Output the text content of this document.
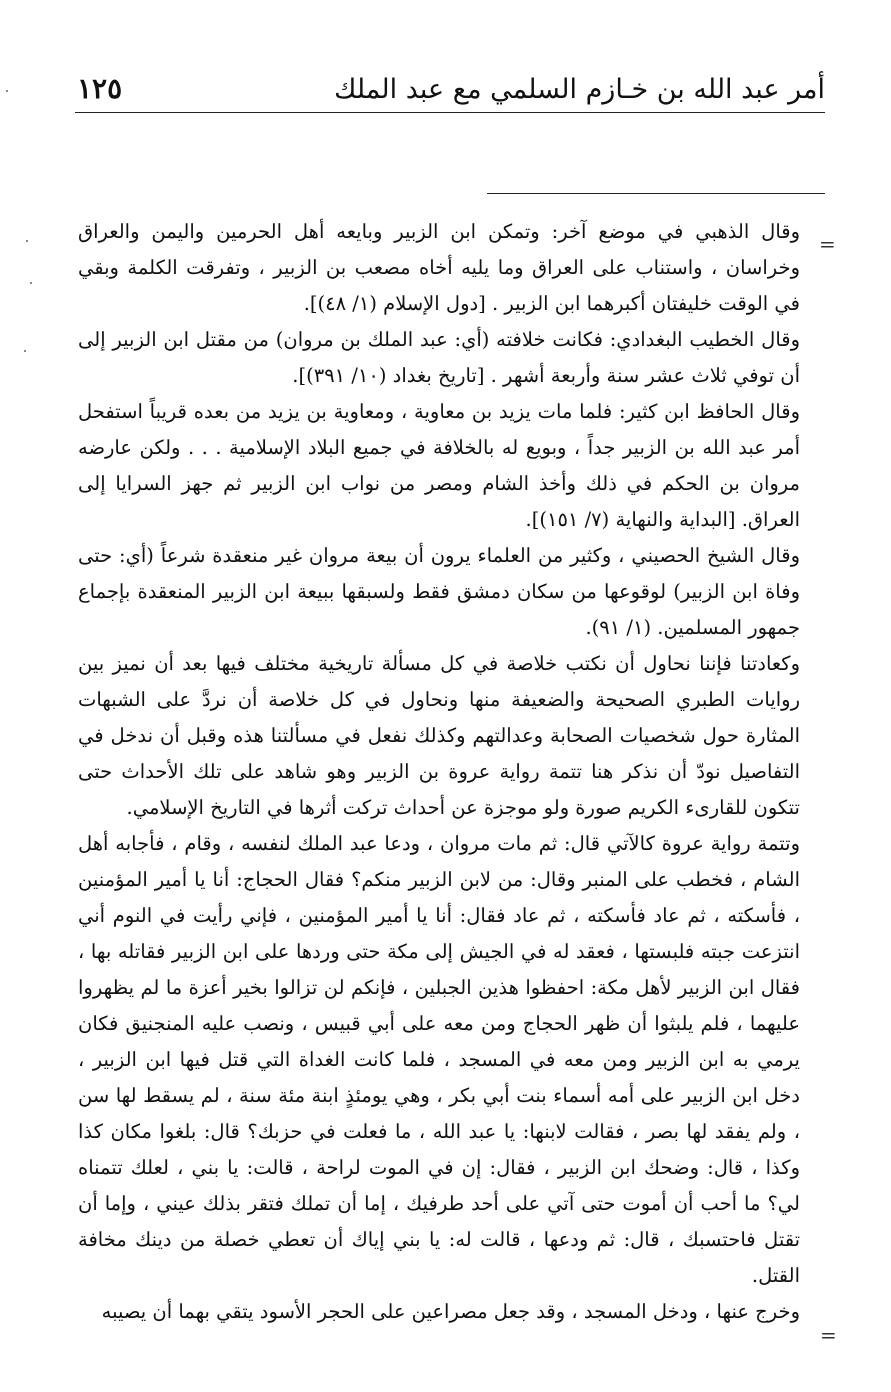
١٢٥	أمر عبد الله بن خـازم السلمي مع عبد الملك
=
=

وقال الذهبي في موضع آخر: وتمكن ابن الزبير وبايعه أهل الحرمين واليمن والعراق وخراسان ، واستناب على العراق وما يليه أخاه مصعب بن الزبير ، وتفرقت الكلمة وبقي في الوقت خليفتان أكبرهما ابن الزبير . [دول الإسلام (١/ ٤٨)].

وقال الخطيب البغدادي: فكانت خلافته (أي: عبد الملك بن مروان) من مقتل ابن الزبير إلى أن توفي ثلاث عشر سنة وأربعة أشهر . [تاريخ بغداد (١٠/ ٣٩١)].

وقال الحافظ ابن كثير: فلما مات يزيد بن معاوية ، ومعاوية بن يزيد من بعده قريباً استفحل أمر عبد الله بن الزبير جداً ، وبويع له بالخلافة في جميع البلاد الإسلامية . . . ولكن عارضه مروان بن الحكم في ذلك وأخذ الشام ومصر من نواب ابن الزبير ثم جهز السرايا إلى العراق. [البداية والنهاية (٧/ ١٥١)].

وقال الشيخ الحصيني ، وكثير من العلماء يرون أن بيعة مروان غير منعقدة شرعاً (أي: حتى وفاة ابن الزبير) لوقوعها من سكان دمشق فقط ولسبقها ببيعة ابن الزبير المنعقدة بإجماع جمهور المسلمين. (١/ ٩١).

وكعادتنا فإننا نحاول أن نكتب خلاصة في كل مسألة تاريخية مختلف فيها بعد أن نميز بين روايات الطبري الصحيحة والضعيفة منها ونحاول في كل خلاصة أن نردَّ على الشبهات المثارة حول شخصيات الصحابة وعدالتهم وكذلك نفعل في مسألتنا هذه وقبل أن ندخل في التفاصيل نودّ أن نذكر هنا تتمة رواية عروة بن الزبير وهو شاهد على تلك الأحداث حتى تتكون للقارىء الكريم صورة ولو موجزة عن أحداث تركت أثرها في التاريخ الإسلامي.

وتتمة رواية عروة كالآتي قال: ثم مات مروان ، ودعا عبد الملك لنفسه ، وقام ، فأجابه أهل الشام ، فخطب على المنبر وقال: من لابن الزبير منكم؟ فقال الحجاج: أنا يا أمير المؤمنين ، فأسكته ، ثم عاد فأسكته ، ثم عاد فقال: أنا يا أمير المؤمنين ، فإني رأيت في النوم أني انتزعت جبته فلبستها ، فعقد له في الجيش إلى مكة حتى وردها على ابن الزبير فقاتله بها ، فقال ابن الزبير لأهل مكة: احفظوا هذين الجبلين ، فإنكم لن تزالوا بخير أعزة ما لم يظهروا عليهما ، فلم يلبثوا أن ظهر الحجاج ومن معه على أبي قبيس ، ونصب عليه المنجنيق فكان يرمي به ابن الزبير ومن معه في المسجد ، فلما كانت الغداة التي قتل فيها ابن الزبير ، دخل ابن الزبير على أمه أسماء بنت أبي بكر ، وهي يومئذٍ ابنة مئة سنة ، لم يسقط لها سن ، ولم يفقد لها بصر ، فقالت لابنها: يا عبد الله ، ما فعلت في حزبك؟ قال: بلغوا مكان كذا وكذا ، قال: وضحك ابن الزبير ، فقال: إن في الموت لراحة ، قالت: يا بني ، لعلك تتمناه لي؟ ما أحب أن أموت حتى آتي على أحد طرفيك ، إما أن تملك فتقر بذلك عيني ، وإما أن تقتل فاحتسبك ، قال: ثم ودعها ، قالت له: يا بني إياك أن تعطي خصلة من دينك مخافة القتل.

وخرج عنها ، ودخل المسجد ، وقد جعل مصراعين على الحجر الأسود يتقي بهما أن يصيبه
